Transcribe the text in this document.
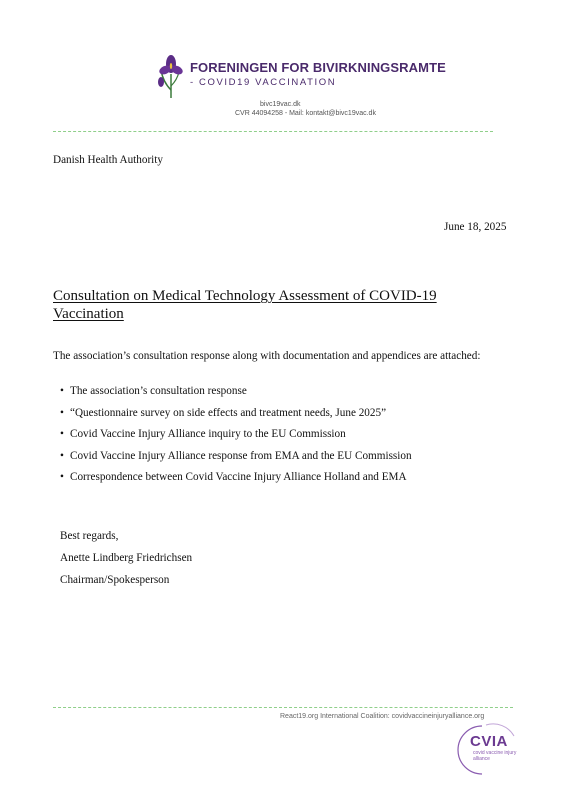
FORENINGEN FOR BIVIRKNINGSRAMTE
- COVID19 VACCINATION
bivc19vac.dk
CVR 44094258 - Mail: kontakt@bivc19vac.dk
Danish Health Authority
June 18, 2025
Consultation on Medical Technology Assessment of COVID-19 Vaccination
The association’s consultation response along with documentation and appendices are attached:
• The association’s consultation response
• “Questionnaire survey on side effects and treatment needs, June 2025”
• Covid Vaccine Injury Alliance inquiry to the EU Commission
• Covid Vaccine Injury Alliance response from EMA and the EU Commission
• Correspondence between Covid Vaccine Injury Alliance Holland and EMA
Best regards,
Anette Lindberg Friedrichsen
Chairman/Spokesperson
React19.org International Coalition: covidvaccineinjuryalliance.org
CVIA
covid vaccine injury alliance
